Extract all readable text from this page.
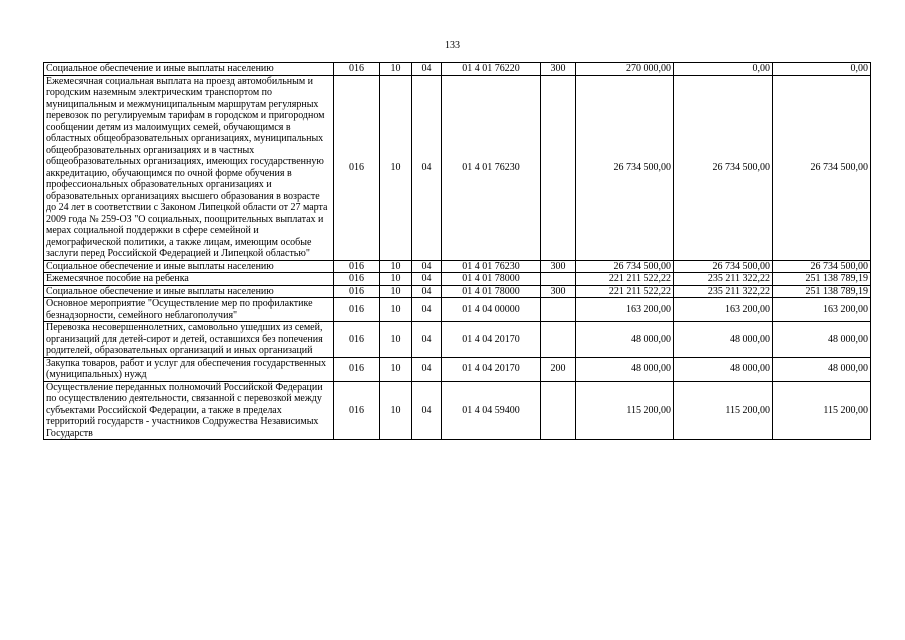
133
Социальное обеспечение и иные выплаты населению	016	10	04	01 4 01 76220	300	270 000,00	0,00	0,00
Ежемесячная социальная выплата на проезд автомобильным и городским наземным электрическим транспортом по муниципальным и межмуниципальным маршрутам регулярных перевозок по регулируемым тарифам в городском и пригородном сообщении детям из малоимущих семей, обучающимся в областных общеобразовательных организациях, муниципальных общеобразовательных организациях и в частных общеобразовательных организациях, имеющих государственную аккредитацию, обучающимся по очной форме обучения в профессиональных образовательных организациях и образовательных организациях высшего образования в возрасте до 24 лет в соответствии с Законом Липецкой области от 27 марта 2009 года № 259-ОЗ "О социальных, поощрительных выплатах и мерах социальной поддержки в сфере семейной и демографической политики, а также лицам, имеющим особые заслуги перед Российской Федерацией и Липецкой областью"	016	10	04	01 4 01 76230		26 734 500,00	26 734 500,00	26 734 500,00
Социальное обеспечение и иные выплаты населению	016	10	04	01 4 01 76230	300	26 734 500,00	26 734 500,00	26 734 500,00
Ежемесячное пособие на ребенка	016	10	04	01 4 01 78000		221 211 522,22	235 211 322,22	251 138 789,19
Социальное обеспечение и иные выплаты населению	016	10	04	01 4 01 78000	300	221 211 522,22	235 211 322,22	251 138 789,19
Основное мероприятие "Осуществление мер по профилактике безнадзорности, семейного неблагополучия"	016	10	04	01 4 04 00000		163 200,00	163 200,00	163 200,00
Перевозка несовершеннолетних, самовольно ушедших из семей, организаций для детей-сирот и детей, оставшихся без попечения родителей, образовательных организаций и иных организаций	016	10	04	01 4 04 20170		48 000,00	48 000,00	48 000,00
Закупка товаров, работ и услуг для обеспечения государственных (муниципальных) нужд	016	10	04	01 4 04 20170	200	48 000,00	48 000,00	48 000,00
Осуществление переданных полномочий Российской Федерации по осуществлению деятельности, связанной с перевозкой между субъектами Российской Федерации, а также в пределах территорий государств - участников Содружества Независимых Государств	016	10	04	01 4 04 59400		115 200,00	115 200,00	115 200,00
